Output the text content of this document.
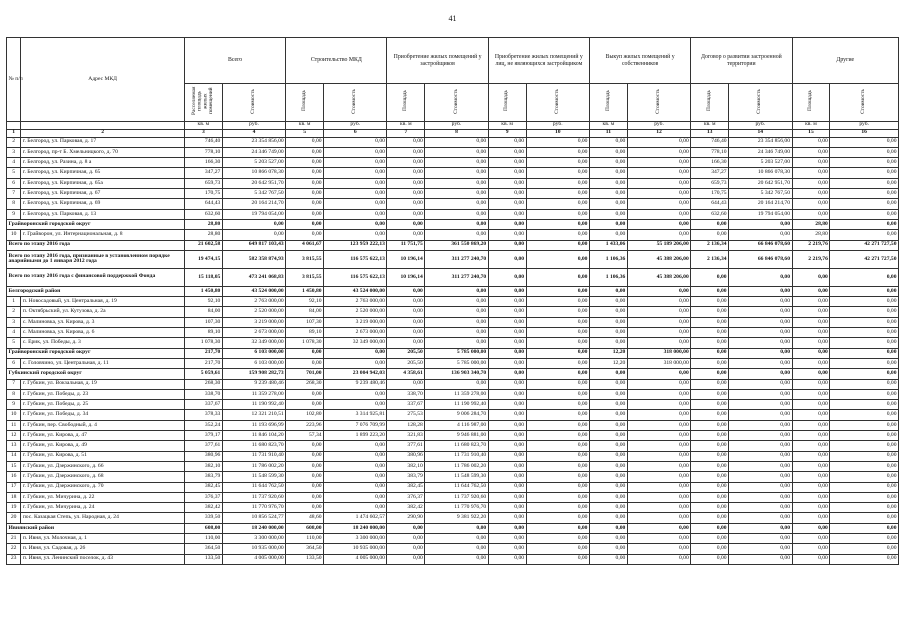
41
№ п/п	Адрес МКД	Всего		Строительство МКД		Приобретение жилых помещений у застройщиков		Приобретение жилых помещений у лиц, не являющихся застройщиком		Выкуп жилых помещений у собственников		Договор о развитии застроенной территории		Другие	
		Расселяемая площадь жилых помещений	Стоимость	Площадь	Стоимость	Площадь	Стоимость	Площадь	Стоимость	Площадь	Стоимость	Площадь	Стоимость	Площадь	Стоимость
		кв. м	руб.	кв. м	руб.	кв. м	руб.	кв. м	руб.	кв. м	руб.	кв. м	руб.	кв. м	руб.
1	2	3	4	5	6	7	8	9	10	11	12	13	14	15	16
2	г. Белгород, ул. Парковая, д. 17	746,40	23 354 856,00	0,00	0,00	0,00	0,00	0,00	0,00	0,00	0,00	746,40	23 354 856,00	0,00	0,00
3	г. Белгород, пр-т Б. Хмельницкого, д. 70	778,10	24 346 749,00	0,00	0,00	0,00	0,00	0,00	0,00	0,00	0,00	778,10	24 346 749,00	0,00	0,00
4	г. Белгород, ул. Разина, д. 8 а	166,30	5 203 527,00	0,00	0,00	0,00	0,00	0,00	0,00	0,00	0,00	166,30	5 203 527,00	0,00	0,00
5	г. Белгород, ул. Кирпичная, д. 65	347,27	10 866 078,30	0,00	0,00	0,00	0,00	0,00	0,00	0,00	0,00	347,27	10 866 078,30	0,00	0,00
6	г. Белгород, ул. Кирпичная, д. 65а	659,73	20 642 951,70	0,00	0,00	0,00	0,00	0,00	0,00	0,00	0,00	659,73	20 642 951,70	0,00	0,00
7	г. Белгород, ул. Кирпичная, д. 67	170,75	5 342 767,50	0,00	0,00	0,00	0,00	0,00	0,00	0,00	0,00	170,75	5 342 767,50	0,00	0,00
8	г. Белгород, ул. Кирпичная, д. 69	644,43	20 164 214,70	0,00	0,00	0,00	0,00	0,00	0,00	0,00	0,00	644,43	20 164 214,70	0,00	0,00
9	г. Белгород, ул. Парковая, д. 13	632,60	19 794 054,00	0,00	0,00	0,00	0,00	0,00	0,00	0,00	0,00	632,60	19 794 054,00	0,00	0,00
Грайворонский городской округ		28,80	0,00	0,00	0,00	0,00	0,00	0,00	0,00	0,00	0,00	0,00	0,00	28,80	0,00
10	г. Грайворон, ул. Интернациональная, д. 8	28,80	0,00	0,00	0,00	0,00	0,00	0,00	0,00	0,00	0,00	0,00	0,00	28,80	0,00
Всего по этапу 2016 года		21 602,58	649 817 103,43	4 061,67	123 959 222,13	11 751,75	361 550 869,20	0,00	0,00	1 433,06	55 189 206,00	2 136,34	66 846 078,60	2 219,76	42 271 727,50
Всего по этапу 2016 года, признанные в установленном порядке аварийными до 1 января 2012 года		19 474,15	582 358 874,93	3 815,55	116 575 622,13	10 196,14	311 277 240,70	0,00	0,00	1 106,36	45 388 206,00	2 136,34	66 846 078,60	2 219,76	42 271 727,50
Всего по этапу 2016 года с финансовой поддержкой Фонда		15 118,05	473 241 068,83	3 815,55	116 575 622,13	10 196,14	311 277 240,70	0,00	0,00	1 106,36	45 388 206,00	0,00	0,00	0,00	0,00
Белгородский район		1 450,80	43 524 000,00	1 450,80	43 524 000,00	0,00	0,00	0,00	0,00	0,00	0,00	0,00	0,00	0,00	0,00
1	п. Новосадовый, ул. Центральная, д. 19	92,10	2 763 000,00	92,10	2 763 000,00	0,00	0,00	0,00	0,00	0,00	0,00	0,00	0,00	0,00	0,00
2	п. Октябрьский, ул. Кутузова, д. 2а	84,00	2 520 000,00	84,00	2 520 000,00	0,00	0,00	0,00	0,00	0,00	0,00	0,00	0,00	0,00	0,00
3	с. Малиновка, ул. Кирова, д. 3	107,30	3 219 000,00	107,30	3 219 000,00	0,00	0,00	0,00	0,00	0,00	0,00	0,00	0,00	0,00	0,00
4	с. Малиновка, ул. Кирова, д. 6	89,10	2 673 000,00	89,10	2 673 000,00	0,00	0,00	0,00	0,00	0,00	0,00	0,00	0,00	0,00	0,00
5	с. Ерик, ул. Победы, д. 3	1 078,30	32 349 000,00	1 078,30	32 349 000,00	0,00	0,00	0,00	0,00	0,00	0,00	0,00	0,00	0,00	0,00
Грайворонский городской округ		217,70	6 103 000,00	0,00	0,00	205,50	5 785 000,00	0,00	0,00	12,20	318 000,00	0,00	0,00	0,00	0,00
6	с. Головчино, ул. Центральная, д. 11	217,70	6 103 000,00	0,00	0,00	205,50	5 785 000,00	0,00	0,00	12,20	318 000,00	0,00	0,00	0,00	0,00
Губкинский городской округ		5 059,61	159 908 282,73	701,00	23 004 942,03	4 358,61	136 903 340,70	0,00	0,00	0,00	0,00	0,00	0,00	0,00	0,00
7	г. Губкин, ул. Вокзальная, д. 19	268,30	9 239 480,46	268,30	9 239 480,46	0,00	0,00	0,00	0,00	0,00	0,00	0,00	0,00	0,00	0,00
8	г. Губкин, ул. Победы, д. 23	338,70	11 359 278,00	0,00	0,00	338,70	11 359 278,00	0,00	0,00	0,00	0,00	0,00	0,00	0,00	0,00
9	г. Губкин, ул. Победы, д. 25	337,67	11 190 992,40	0,00	0,00	337,67	11 190 992,40	0,00	0,00	0,00	0,00	0,00	0,00	0,00	0,00
10	г. Губкин, ул. Победы, д. 34	378,33	12 321 210,51	102,80	3 314 925,81	275,53	9 006 284,70	0,00	0,00	0,00	0,00	0,00	0,00	0,00	0,00
11	г. Губкин, пер. Свободный, д. 4	352,24	11 193 696,99	223,96	7 076 709,99	128,28	4 116 987,00	0,00	0,00	0,00	0,00	0,00	0,00	0,00	0,00
12	г. Губкин, ул. Кирова, д. 47	379,17	11 846 104,20	57,34	1 899 223,20	321,83	9 946 881,00	0,00	0,00	0,00	0,00	0,00	0,00	0,00	0,00
13	г. Губкин, ул. Кирова, д. 49	377,61	11 680 823,70	0,00	0,00	377,61	11 680 823,70	0,00	0,00	0,00	0,00	0,00	0,00	0,00	0,00
14	г. Губкин, ул. Кирова, д. 51	380,96	11 731 910,40	0,00	0,00	380,96	11 731 910,40	0,00	0,00	0,00	0,00	0,00	0,00	0,00	0,00
15	г. Губкин, ул. Дзержинского, д. 66	382,10	11 786 002,20	0,00	0,00	382,10	11 786 002,20	0,00	0,00	0,00	0,00	0,00	0,00	0,00	0,00
16	г. Губкин, ул. Дзержинского, д. 68	383,79	11 548 599,30	0,00	0,00	383,79	11 548 599,30	0,00	0,00	0,00	0,00	0,00	0,00	0,00	0,00
17	г. Губкин, ул. Дзержинского, д. 70	382,45	11 644 762,50	0,00	0,00	382,45	11 644 762,50	0,00	0,00	0,00	0,00	0,00	0,00	0,00	0,00
18	г. Губкин, ул. Мичурина, д. 22	376,37	11 737 920,60	0,00	0,00	376,37	11 737 920,60	0,00	0,00	0,00	0,00	0,00	0,00	0,00	0,00
19	г. Губкин, ул. Мичурина, д. 24	382,42	11 770 976,70	0,00	0,00	382,42	11 770 976,70	0,00	0,00	0,00	0,00	0,00	0,00	0,00	0,00
20	пос. Казацкая Степь, ул. Народная, д. 24	339,50	10 856 524,77	48,60	1 474 602,57	290,90	9 381 922,20	0,00	0,00	0,00	0,00	0,00	0,00	0,00	0,00
Ивнянский район		608,00	18 240 000,00	608,00	18 240 000,00	0,00	0,00	0,00	0,00	0,00	0,00	0,00	0,00	0,00	0,00
21	п. Ивня, ул. Молочная, д. 1	110,00	3 300 000,00	110,00	3 300 000,00	0,00	0,00	0,00	0,00	0,00	0,00	0,00	0,00	0,00	0,00
22	п. Ивня, ул. Садовая, д. 26	364,50	10 935 000,00	364,50	10 935 000,00	0,00	0,00	0,00	0,00	0,00	0,00	0,00	0,00	0,00	0,00
23	п. Ивня, ул. Ленинский поселок, д. 43	133,50	4 005 000,00	133,50	4 005 000,00	0,00	0,00	0,00	0,00	0,00	0,00	0,00	0,00	0,00	0,00
